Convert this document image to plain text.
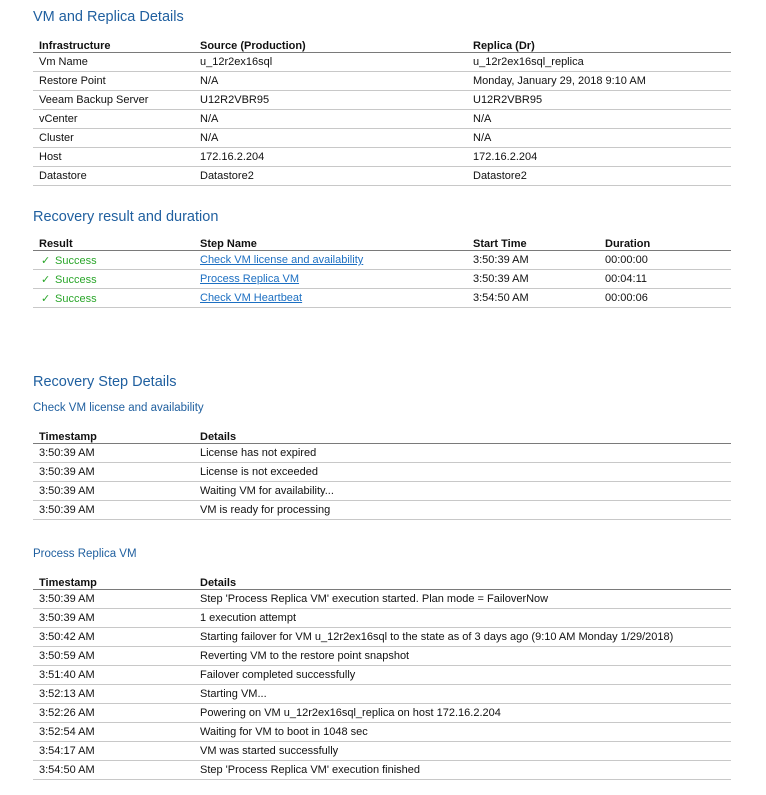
VM and Replica Details
Infrastructure	Source (Production)	Replica (Dr)
Vm Name	u_12r2ex16sql	u_12r2ex16sql_replica
Restore Point	N/A	Monday, January 29, 2018 9:10 AM
Veeam Backup Server	U12R2VBR95	U12R2VBR95
vCenter	N/A	N/A
Cluster	N/A	N/A
Host	172.16.2.204	172.16.2.204
Datastore	Datastore2	Datastore2
Recovery result and duration
Result	Step Name	Start Time	Duration
✓ Success	Check VM license and availability	3:50:39 AM	00:00:00
✓ Success	Process Replica VM	3:50:39 AM	00:04:11
✓ Success	Check VM Heartbeat	3:54:50 AM	00:00:06
Recovery Step Details
Check VM license and availability
Timestamp	Details
3:50:39 AM	License has not expired
3:50:39 AM	License is not exceeded
3:50:39 AM	Waiting VM for availability...
3:50:39 AM	VM is ready for processing
Process Replica VM
Timestamp	Details
3:50:39 AM	Step 'Process Replica VM' execution started. Plan mode = FailoverNow
3:50:39 AM	1 execution attempt
3:50:42 AM	Starting failover for VM u_12r2ex16sql to the state as of 3 days ago (9:10 AM Monday 1/29/2018)
3:50:59 AM	Reverting VM to the restore point snapshot
3:51:40 AM	Failover completed successfully
3:52:13 AM	Starting VM...
3:52:26 AM	Powering on VM u_12r2ex16sql_replica on host 172.16.2.204
3:52:54 AM	Waiting for VM to boot in 1048 sec
3:54:17 AM	VM was started successfully
3:54:50 AM	Step 'Process Replica VM' execution finished
